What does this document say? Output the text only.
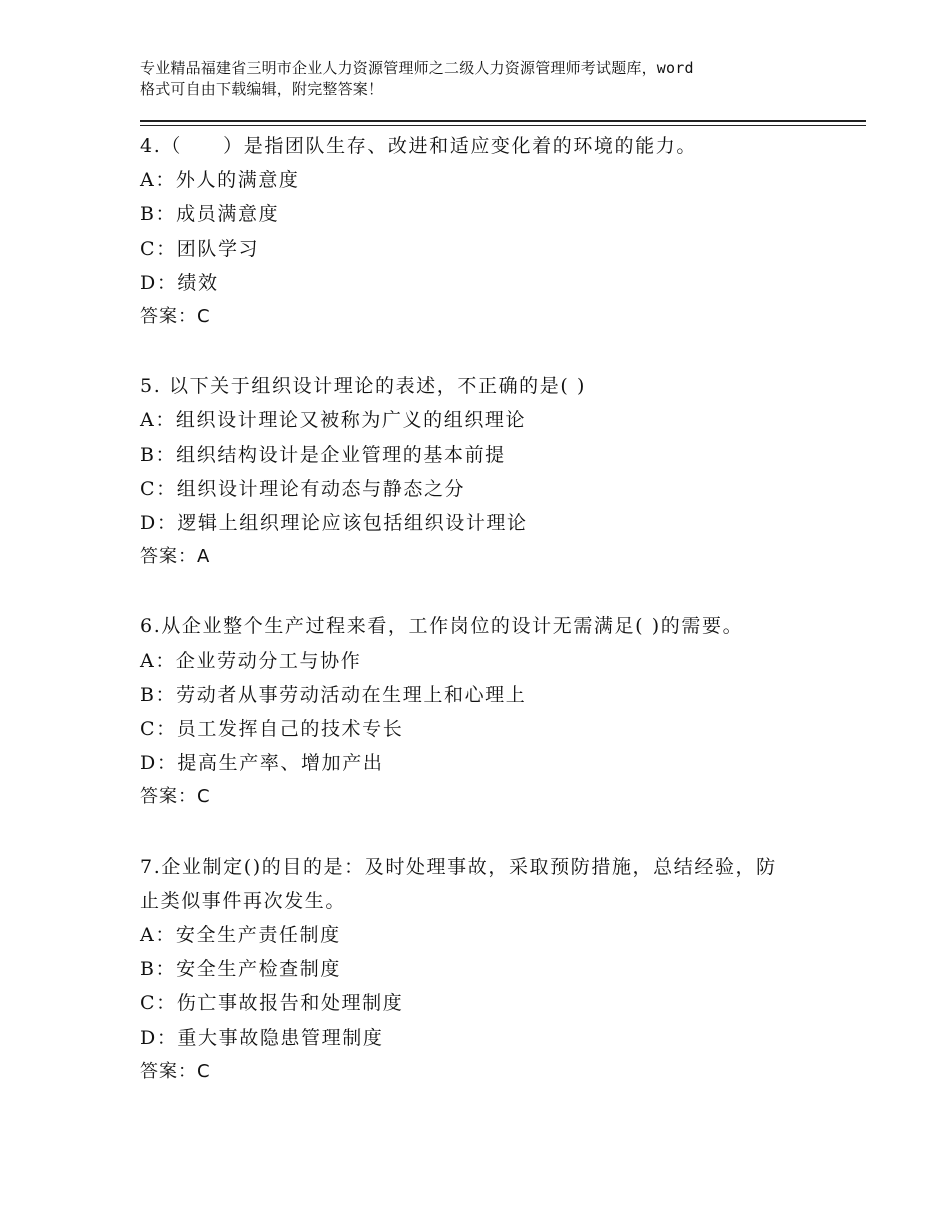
专业精品福建省三明市企业人力资源管理师之二级人力资源管理师考试题库，word
格式可自由下载编辑，附完整答案！
4.（　　）是指团队生存、改进和适应变化着的环境的能力。
A：外人的满意度
B：成员满意度
C：团队学习
D：绩效
答案：C
5. 以下关于组织设计理论的表述，不正确的是( )
A：组织设计理论又被称为广义的组织理论
B：组织结构设计是企业管理的基本前提
C：组织设计理论有动态与静态之分
D：逻辑上组织理论应该包括组织设计理论
答案：A
6.从企业整个生产过程来看，工作岗位的设计无需满足( )的需要。
A：企业劳动分工与协作
B：劳动者从事劳动活动在生理上和心理上
C：员工发挥自己的技术专长
D：提高生产率、增加产出
答案：C
7.企业制定()的目的是：及时处理事故，采取预防措施，总结经验，防止类似事件再次发生。
A：安全生产责任制度
B：安全生产检查制度
C：伤亡事故报告和处理制度
D：重大事故隐患管理制度
答案：C
